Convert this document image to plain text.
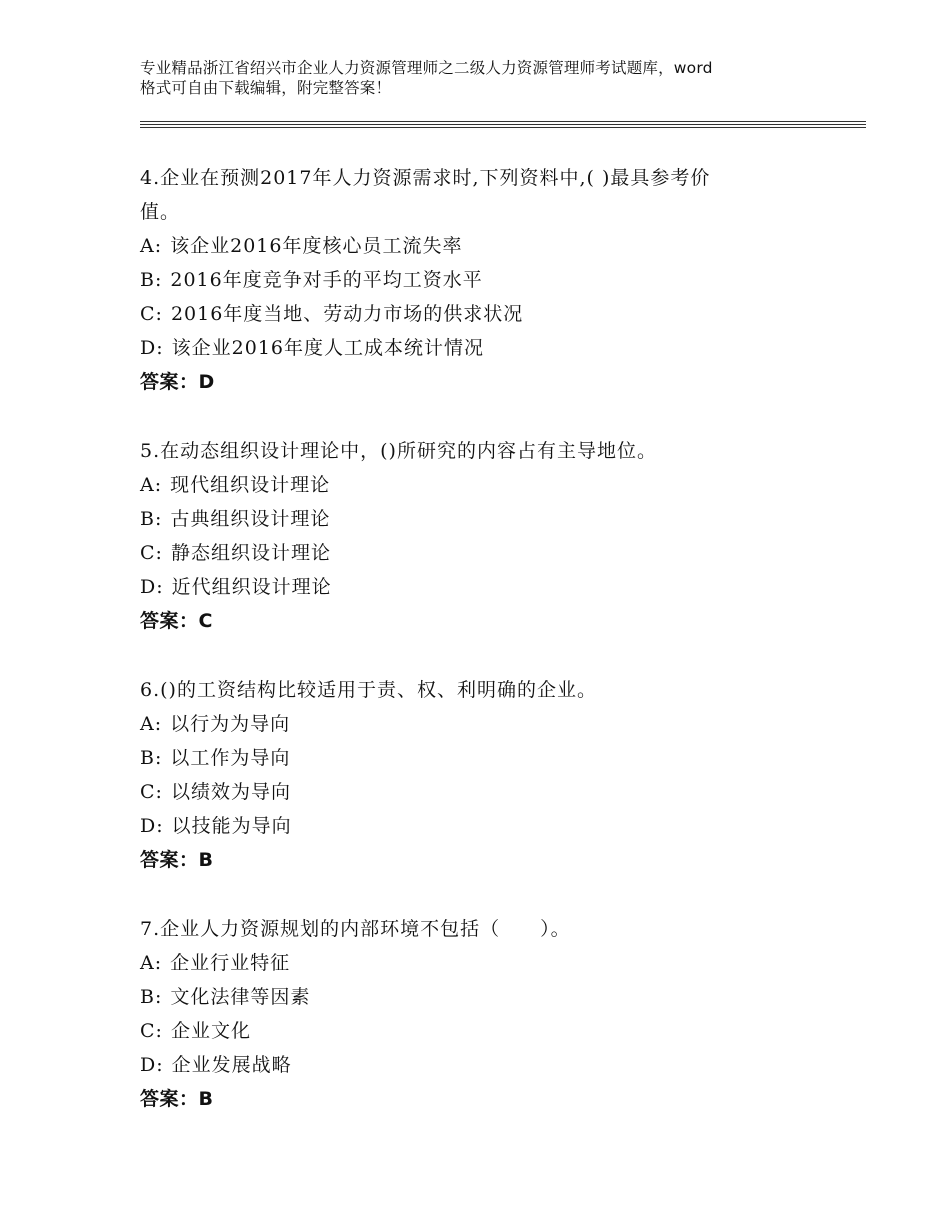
专业精品浙江省绍兴市企业人力资源管理师之二级人力资源管理师考试题库，word
格式可自由下载编辑，附完整答案！
4.企业在预测2017年人力资源需求时,下列资料中,( )最具参考价
值。
A: 该企业2016年度核心员工流失率
B: 2016年度竞争对手的平均工资水平
C: 2016年度当地、劳动力市场的供求状况
D: 该企业2016年度人工成本统计情况
答案：D
5.在动态组织设计理论中，()所研究的内容占有主导地位。
A: 现代组织设计理论
B: 古典组织设计理论
C: 静态组织设计理论
D: 近代组织设计理论
答案：C
6.()的工资结构比较适用于责、权、利明确的企业。
A: 以行为为导向
B: 以工作为导向
C: 以绩效为导向
D: 以技能为导向
答案：B
7.企业人力资源规划的内部环境不包括（　　）。
A: 企业行业特征
B: 文化法律等因素
C: 企业文化
D: 企业发展战略
答案：B
